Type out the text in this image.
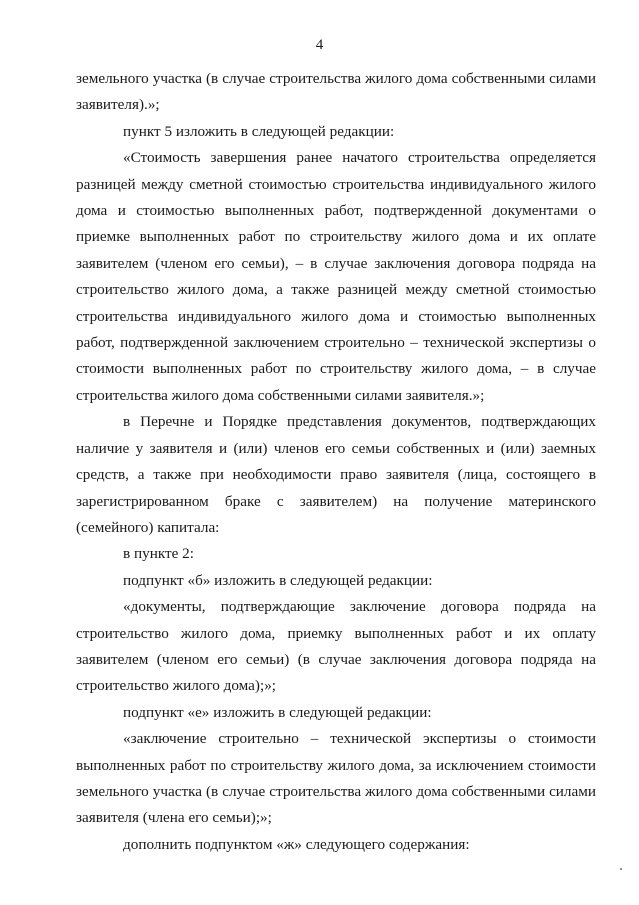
4

земельного участка (в случае строительства жилого дома собственными силами заявителя).»;

пункт 5 изложить в следующей редакции:

«Стоимость завершения ранее начатого строительства определяется разницей между сметной стоимостью строительства индивидуального жилого дома и стоимостью выполненных работ, подтвержденной документами о приемке выполненных работ по строительству жилого дома и их оплате заявителем (членом его семьи), – в случае заключения договора подряда на строительство жилого дома, а также разницей между сметной стоимостью строительства индивидуального жилого дома и стоимостью выполненных работ, подтвержденной заключением строительно – технической экспертизы о стоимости выполненных работ по строительству жилого дома, – в случае строительства жилого дома собственными силами заявителя.»;

в Перечне и Порядке представления документов, подтверждающих наличие у заявителя и (или) членов его семьи собственных и (или) заемных средств, а также при необходимости право заявителя (лица, состоящего в зарегистрированном браке с заявителем) на получение материнского (семейного) капитала:

в пункте 2:

подпункт «б» изложить в следующей редакции:

«документы, подтверждающие заключение договора подряда на строительство жилого дома, приемку выполненных работ и их оплату заявителем (членом его семьи) (в случае заключения договора подряда на строительство жилого дома);»;

подпункт «е» изложить в следующей редакции:

«заключение строительно – технической экспертизы о стоимости выполненных работ по строительству жилого дома, за исключением стоимости земельного участка (в случае строительства жилого дома собственными силами заявителя (члена его семьи);»;

дополнить подпунктом «ж» следующего содержания:
